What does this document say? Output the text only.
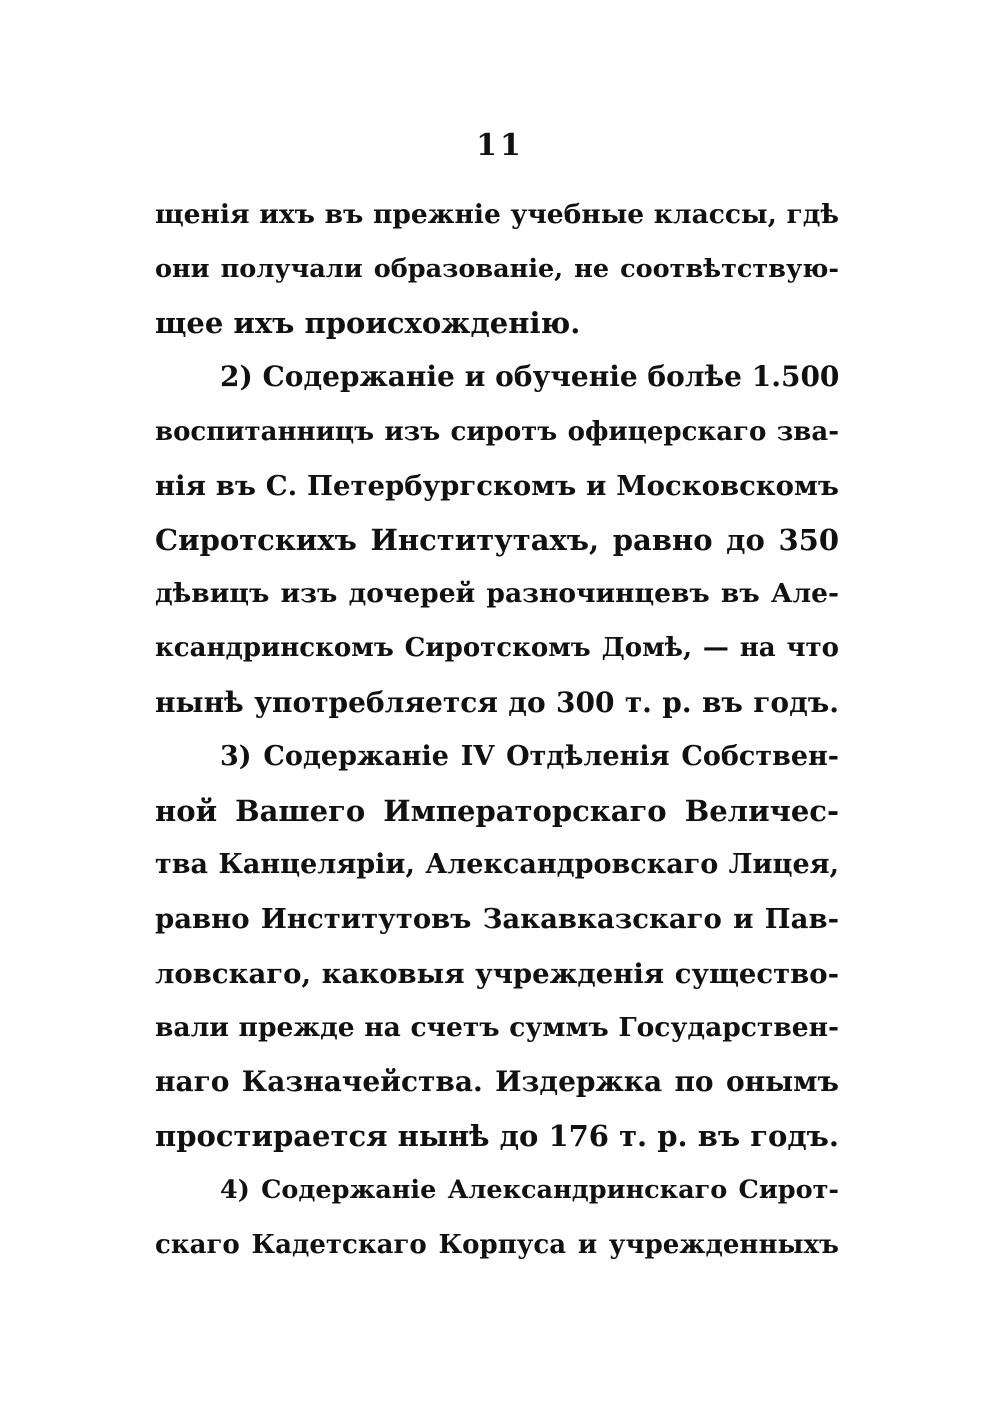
11

щенія ихъ въ прежніе учебные классы, гдѣ

они получали образованіе, не соотвѣтствую-

щее ихъ происхожденію.

2) Содержаніе и обученіе болѣе 1.500

воспитанницъ изъ сиротъ офицерскаго зва-

нія въ С. Петербургскомъ и Московскомъ

Сиротскихъ Институтахъ, равно до 350

дѣвицъ изъ дочерей разночинцевъ въ Але-

ксандринскомъ Сиротскомъ Домѣ, — на что

нынѣ употребляется до 300 т. р. въ годъ.

3) Содержаніе IV Отдѣленія Собствен-

ной Вашего Императорскаго Величес-

тва Канцеляріи, Александровскаго Лицея,

равно Институтовъ Закавказскаго и Пав-

ловскаго, каковыя учрежденія существо-

вали прежде на счетъ суммъ Государствен-

наго Казначейства. Издержка по онымъ

простирается нынѣ до 176 т. р. въ годъ.

4) Содержаніе Александринскаго Сирот-

скаго Кадетскаго Корпуса и учрежденныхъ
